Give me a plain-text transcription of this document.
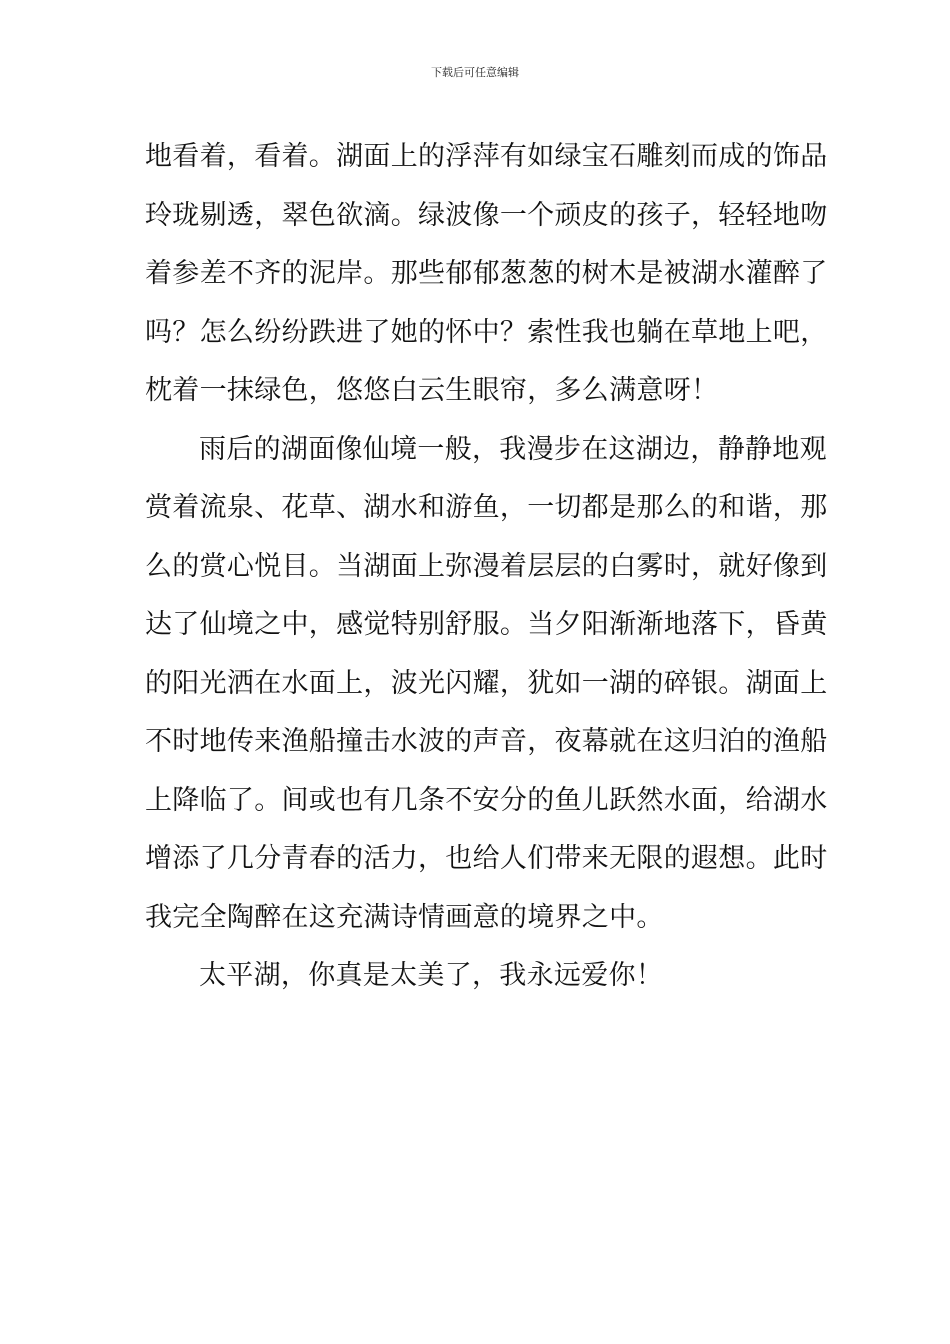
下载后可任意编辑
地看着，看着。湖面上的浮萍有如绿宝石雕刻而成的饰品
玲珑剔透，翠色欲滴。绿波像一个顽皮的孩子，轻轻地吻
着参差不齐的泥岸。那些郁郁葱葱的树木是被湖水灌醉了
吗？怎么纷纷跌进了她的怀中？索性我也躺在草地上吧，
枕着一抹绿色，悠悠白云生眼帘，多么满意呀！
雨后的湖面像仙境一般，我漫步在这湖边，静静地观
赏着流泉、花草、湖水和游鱼，一切都是那么的和谐，那
么的赏心悦目。当湖面上弥漫着层层的白雾时，就好像到
达了仙境之中，感觉特别舒服。当夕阳渐渐地落下，昏黄
的阳光洒在水面上，波光闪耀，犹如一湖的碎银。湖面上
不时地传来渔船撞击水波的声音，夜幕就在这归泊的渔船
上降临了。间或也有几条不安分的鱼儿跃然水面，给湖水
增添了几分青春的活力，也给人们带来无限的遐想。此时
我完全陶醉在这充满诗情画意的境界之中。
太平湖，你真是太美了，我永远爱你！
